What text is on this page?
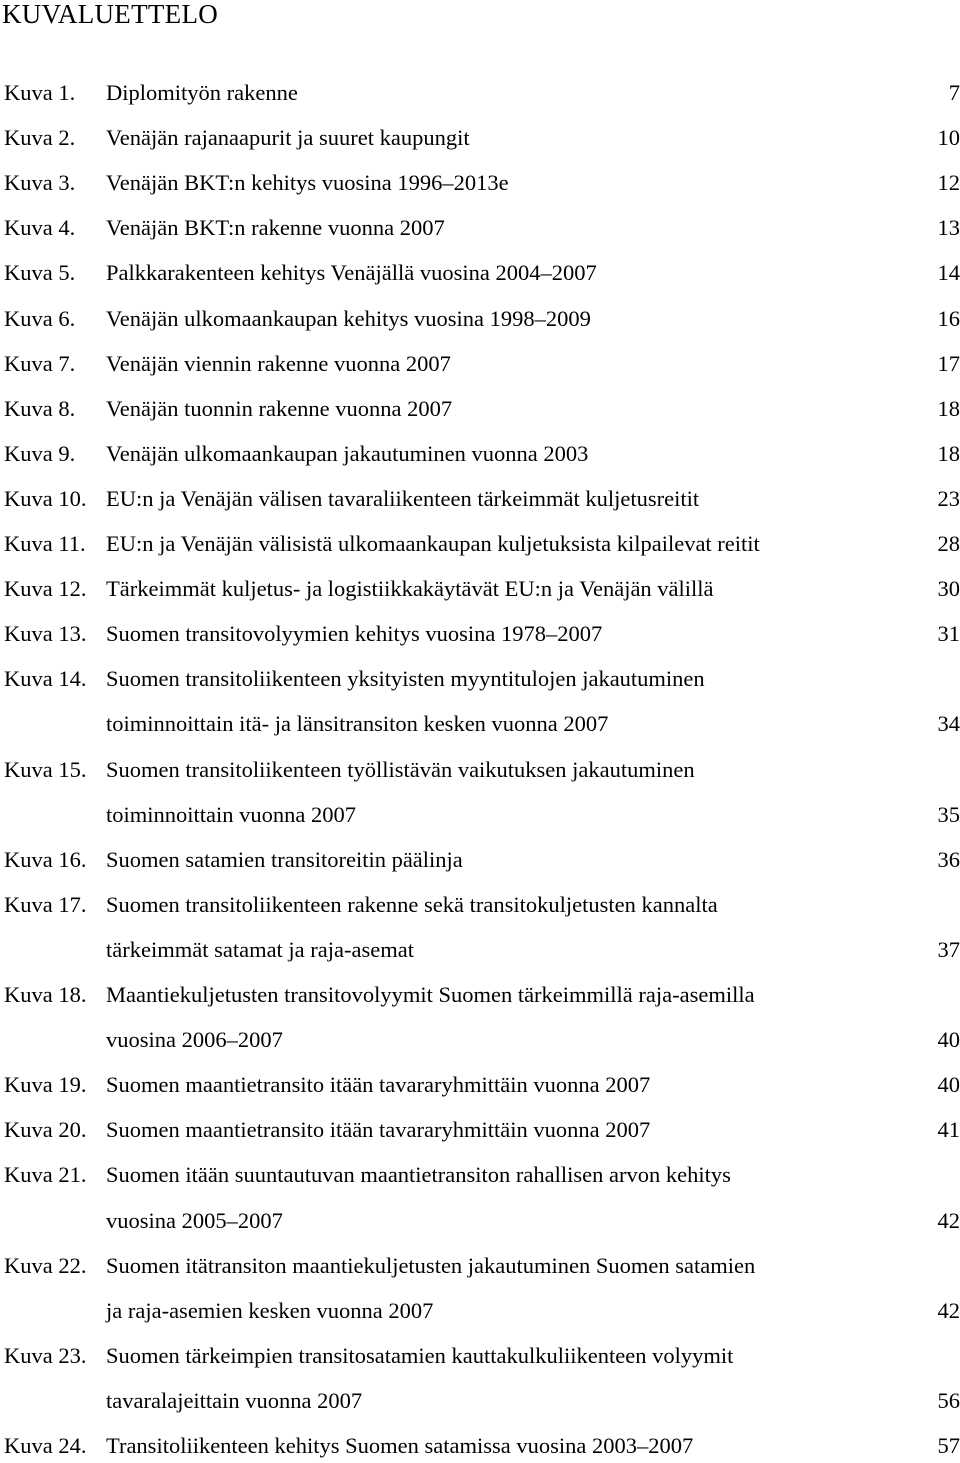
KUVALUETTELO
Kuva 1. Diplomityön rakenne	7
Kuva 2. Venäjän rajanaapurit ja suuret kaupungit	10
Kuva 3. Venäjän BKT:n kehitys vuosina 1996–2013e	12
Kuva 4. Venäjän BKT:n rakenne vuonna 2007	13
Kuva 5. Palkkarakenteen kehitys Venäjällä vuosina 2004–2007	14
Kuva 6. Venäjän ulkomaankaupan kehitys vuosina 1998–2009	16
Kuva 7. Venäjän viennin rakenne vuonna 2007	17
Kuva 8. Venäjän tuonnin rakenne vuonna 2007	18
Kuva 9. Venäjän ulkomaankaupan jakautuminen vuonna 2003	18
Kuva 10. EU:n ja Venäjän välisen tavaraliikenteen tärkeimmät kuljetusreitit	23
Kuva 11. EU:n ja Venäjän välisistä ulkomaankaupan kuljetuksista kilpailevat reitit	28
Kuva 12. Tärkeimmät kuljetus- ja logistiikkakäytävät EU:n ja Venäjän välillä	30
Kuva 13. Suomen transitovolyymien kehitys vuosina 1978–2007	31
Kuva 14. Suomen transitoliikenteen yksityisten myyntitulojen jakautuminen
toiminnoittain itä- ja länsitransiton kesken vuonna 2007	34
Kuva 15. Suomen transitoliikenteen työllistävän vaikutuksen jakautuminen
toiminnoittain vuonna 2007	35
Kuva 16. Suomen satamien transitoreitin päälinja	36
Kuva 17. Suomen transitoliikenteen rakenne sekä transitokuljetusten kannalta
tärkeimmät satamat ja raja-asemat	37
Kuva 18. Maantiekuljetusten transitovolyymit Suomen tärkeimmillä raja-asemilla
vuosina 2006–2007	40
Kuva 19. Suomen maantietransito itään tavararyhmittäin vuonna 2007	40
Kuva 20. Suomen maantietransito itään tavararyhmittäin vuonna 2007	41
Kuva 21. Suomen itään suuntautuvan maantietransiton rahallisen arvon kehitys
vuosina 2005–2007	42
Kuva 22. Suomen itätransiton maantiekuljetusten jakautuminen Suomen satamien
ja raja-asemien kesken vuonna 2007	42
Kuva 23. Suomen tärkeimpien transitosatamien kauttakulkuliikenteen volyymit
tavaralajeittain vuonna 2007	56
Kuva 24. Transitoliikenteen kehitys Suomen satamissa vuosina 2003–2007	57
